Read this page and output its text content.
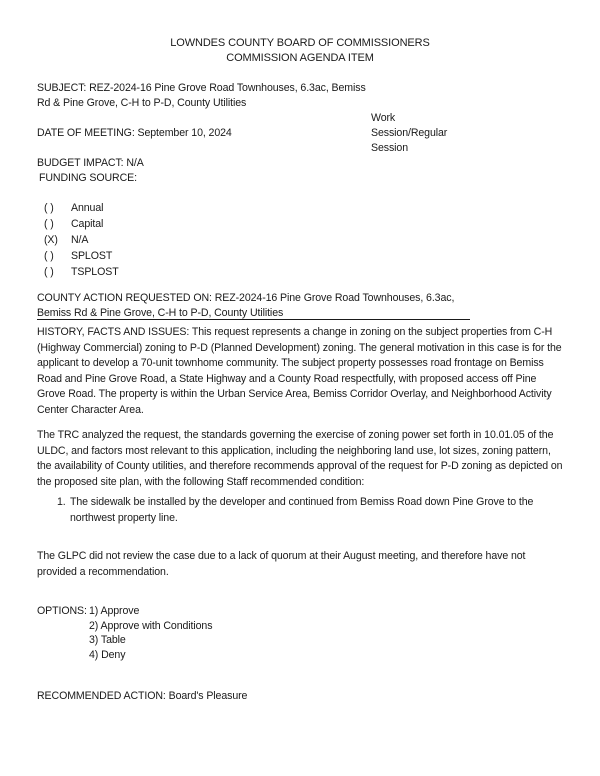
LOWNDES COUNTY BOARD OF COMMISSIONERS
COMMISSION AGENDA ITEM
SUBJECT: REZ-2024-16 Pine Grove Road Townhouses, 6.3ac, Bemiss
Rd & Pine Grove, C-H to P-D, County Utilities
DATE OF MEETING: September 10, 2024
Work
Session/Regular
Session
BUDGET IMPACT: N/A
FUNDING SOURCE:
( ) Annual
( ) Capital
(X) N/A
( ) SPLOST
( ) TSPLOST
COUNTY ACTION REQUESTED ON: REZ-2024-16 Pine Grove Road Townhouses, 6.3ac,
Bemiss Rd & Pine Grove, C-H to P-D, County Utilities
HISTORY, FACTS AND ISSUES: This request represents a change in zoning on the subject properties from C-H (Highway Commercial) zoning to P-D (Planned Development) zoning. The general motivation in this case is for the applicant to develop a 70-unit townhome community. The subject property possesses road frontage on Bemiss Road and Pine Grove Road, a State Highway and a County Road respectfully, with proposed access off Pine Grove Road. The property is within the Urban Service Area, Bemiss Corridor Overlay, and Neighborhood Activity Center Character Area.
The TRC analyzed the request, the standards governing the exercise of zoning power set forth in 10.01.05 of the ULDC, and factors most relevant to this application, including the neighboring land use, lot sizes, zoning pattern, the availability of County utilities, and therefore recommends approval of the request for P-D zoning as depicted on the proposed site plan, with the following Staff recommended condition:
1. The sidewalk be installed by the developer and continued from Bemiss Road down Pine Grove to the northwest property line.
The GLPC did not review the case due to a lack of quorum at their August meeting, and therefore have not provided a recommendation.
OPTIONS: 1) Approve
2) Approve with Conditions
3) Table
4) Deny
RECOMMENDED ACTION: Board's Pleasure
